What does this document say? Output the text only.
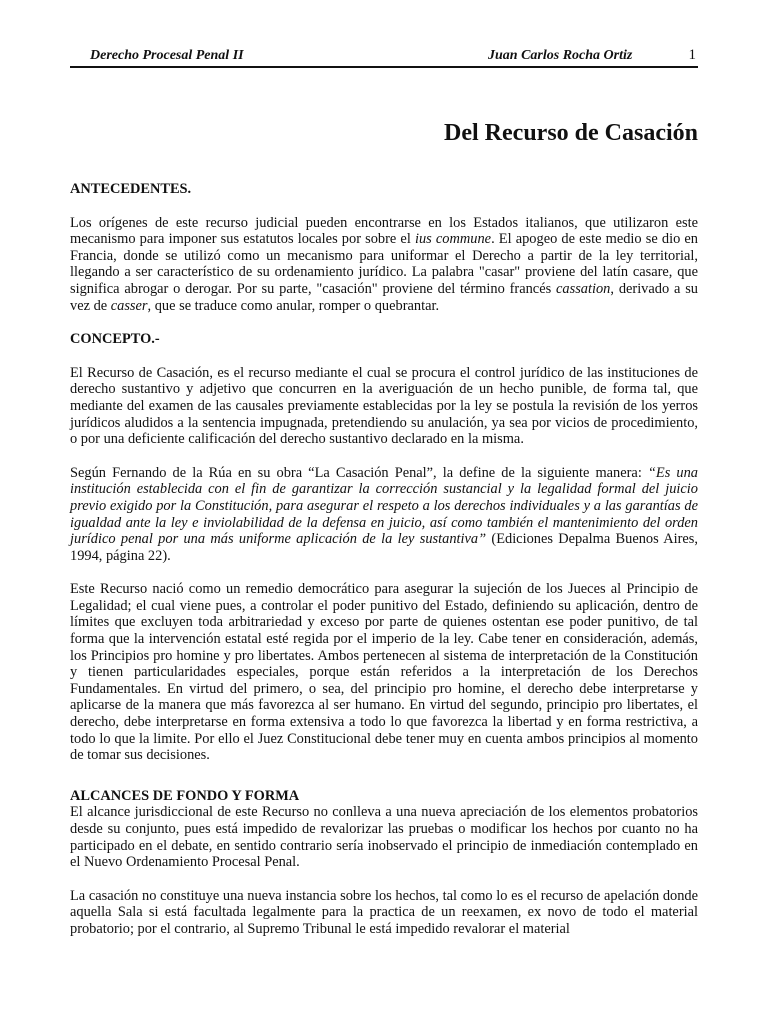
Derecho Procesal Penal II	Juan Carlos Rocha Ortiz	1
Del Recurso de Casación
ANTECEDENTES.

Los orígenes de este recurso judicial pueden encontrarse en los Estados italianos, que utilizaron este mecanismo para imponer sus estatutos locales por sobre el ius commune. El apogeo de este medio se dio en Francia, donde se utilizó como un mecanismo para uniformar el Derecho a partir de la ley territorial, llegando a ser característico de su ordenamiento jurídico. La palabra "casar" proviene del latín casare, que significa abrogar o derogar. Por su parte, "casación" proviene del término francés cassation, derivado a su vez de casser, que se traduce como anular, romper o quebrantar.

CONCEPTO.-

El Recurso de Casación, es el recurso mediante el cual se procura el control jurídico de las instituciones de derecho sustantivo y adjetivo que concurren en la averiguación de un hecho punible, de forma tal, que mediante del examen de las causales previamente establecidas por la ley se postula la revisión de los yerros jurídicos aludidos a la sentencia impugnada, pretendiendo su anulación, ya sea por vicios de procedimiento, o por una deficiente calificación del derecho sustantivo declarado en la misma.

Según Fernando de la Rúa en su obra “La Casación Penal”, la define de la siguiente manera: “Es una institución establecida con el fin de garantizar la corrección sustancial y la legalidad formal del juicio previo exigido por la Constitución, para asegurar el respeto a los derechos individuales y a las garantías de igualdad ante la ley e inviolabilidad de la defensa en juicio, así como también el mantenimiento del orden jurídico penal por una más uniforme aplicación de la ley sustantiva” (Ediciones Depalma Buenos Aires, 1994, página 22).

Este Recurso nació como un remedio democrático para asegurar la sujeción de los Jueces al Principio de Legalidad; el cual viene pues, a controlar el poder punitivo del Estado, definiendo su aplicación, dentro de límites que excluyen toda arbitrariedad y exceso por parte de quienes ostentan ese poder punitivo, de tal forma que la intervención estatal esté regida por el imperio de la ley. Cabe tener en consideración, además, los Principios pro homine y pro libertates. Ambos pertenecen al sistema de interpretación de la Constitución y tienen particularidades especiales, porque están referidos a la interpretación de los Derechos Fundamentales. En virtud del primero, o sea, del principio pro homine, el derecho debe interpretarse y aplicarse de la manera que más favorezca al ser humano. En virtud del segundo, principio pro libertates, el derecho, debe interpretarse en forma extensiva a todo lo que favorezca la libertad y en forma restrictiva, a todo lo que la limite. Por ello el Juez Constitucional debe tener muy en cuenta ambos principios al momento de tomar sus decisiones.

ALCANCES DE FONDO Y FORMA

El alcance jurisdiccional de este Recurso no conlleva a una nueva apreciación de los elementos probatorios desde su conjunto, pues está impedido de revalorizar las pruebas o modificar los hechos por cuanto no ha participado en el debate, en sentido contrario sería inobservado el principio de inmediación contemplado en el Nuevo Ordenamiento Procesal Penal.

La casación no constituye una nueva instancia sobre los hechos, tal como lo es el recurso de apelación donde aquella Sala si está facultada legalmente para la practica de un reexamen, ex novo de todo el material probatorio; por el contrario, al Supremo Tribunal le está impedido revalorar el material
